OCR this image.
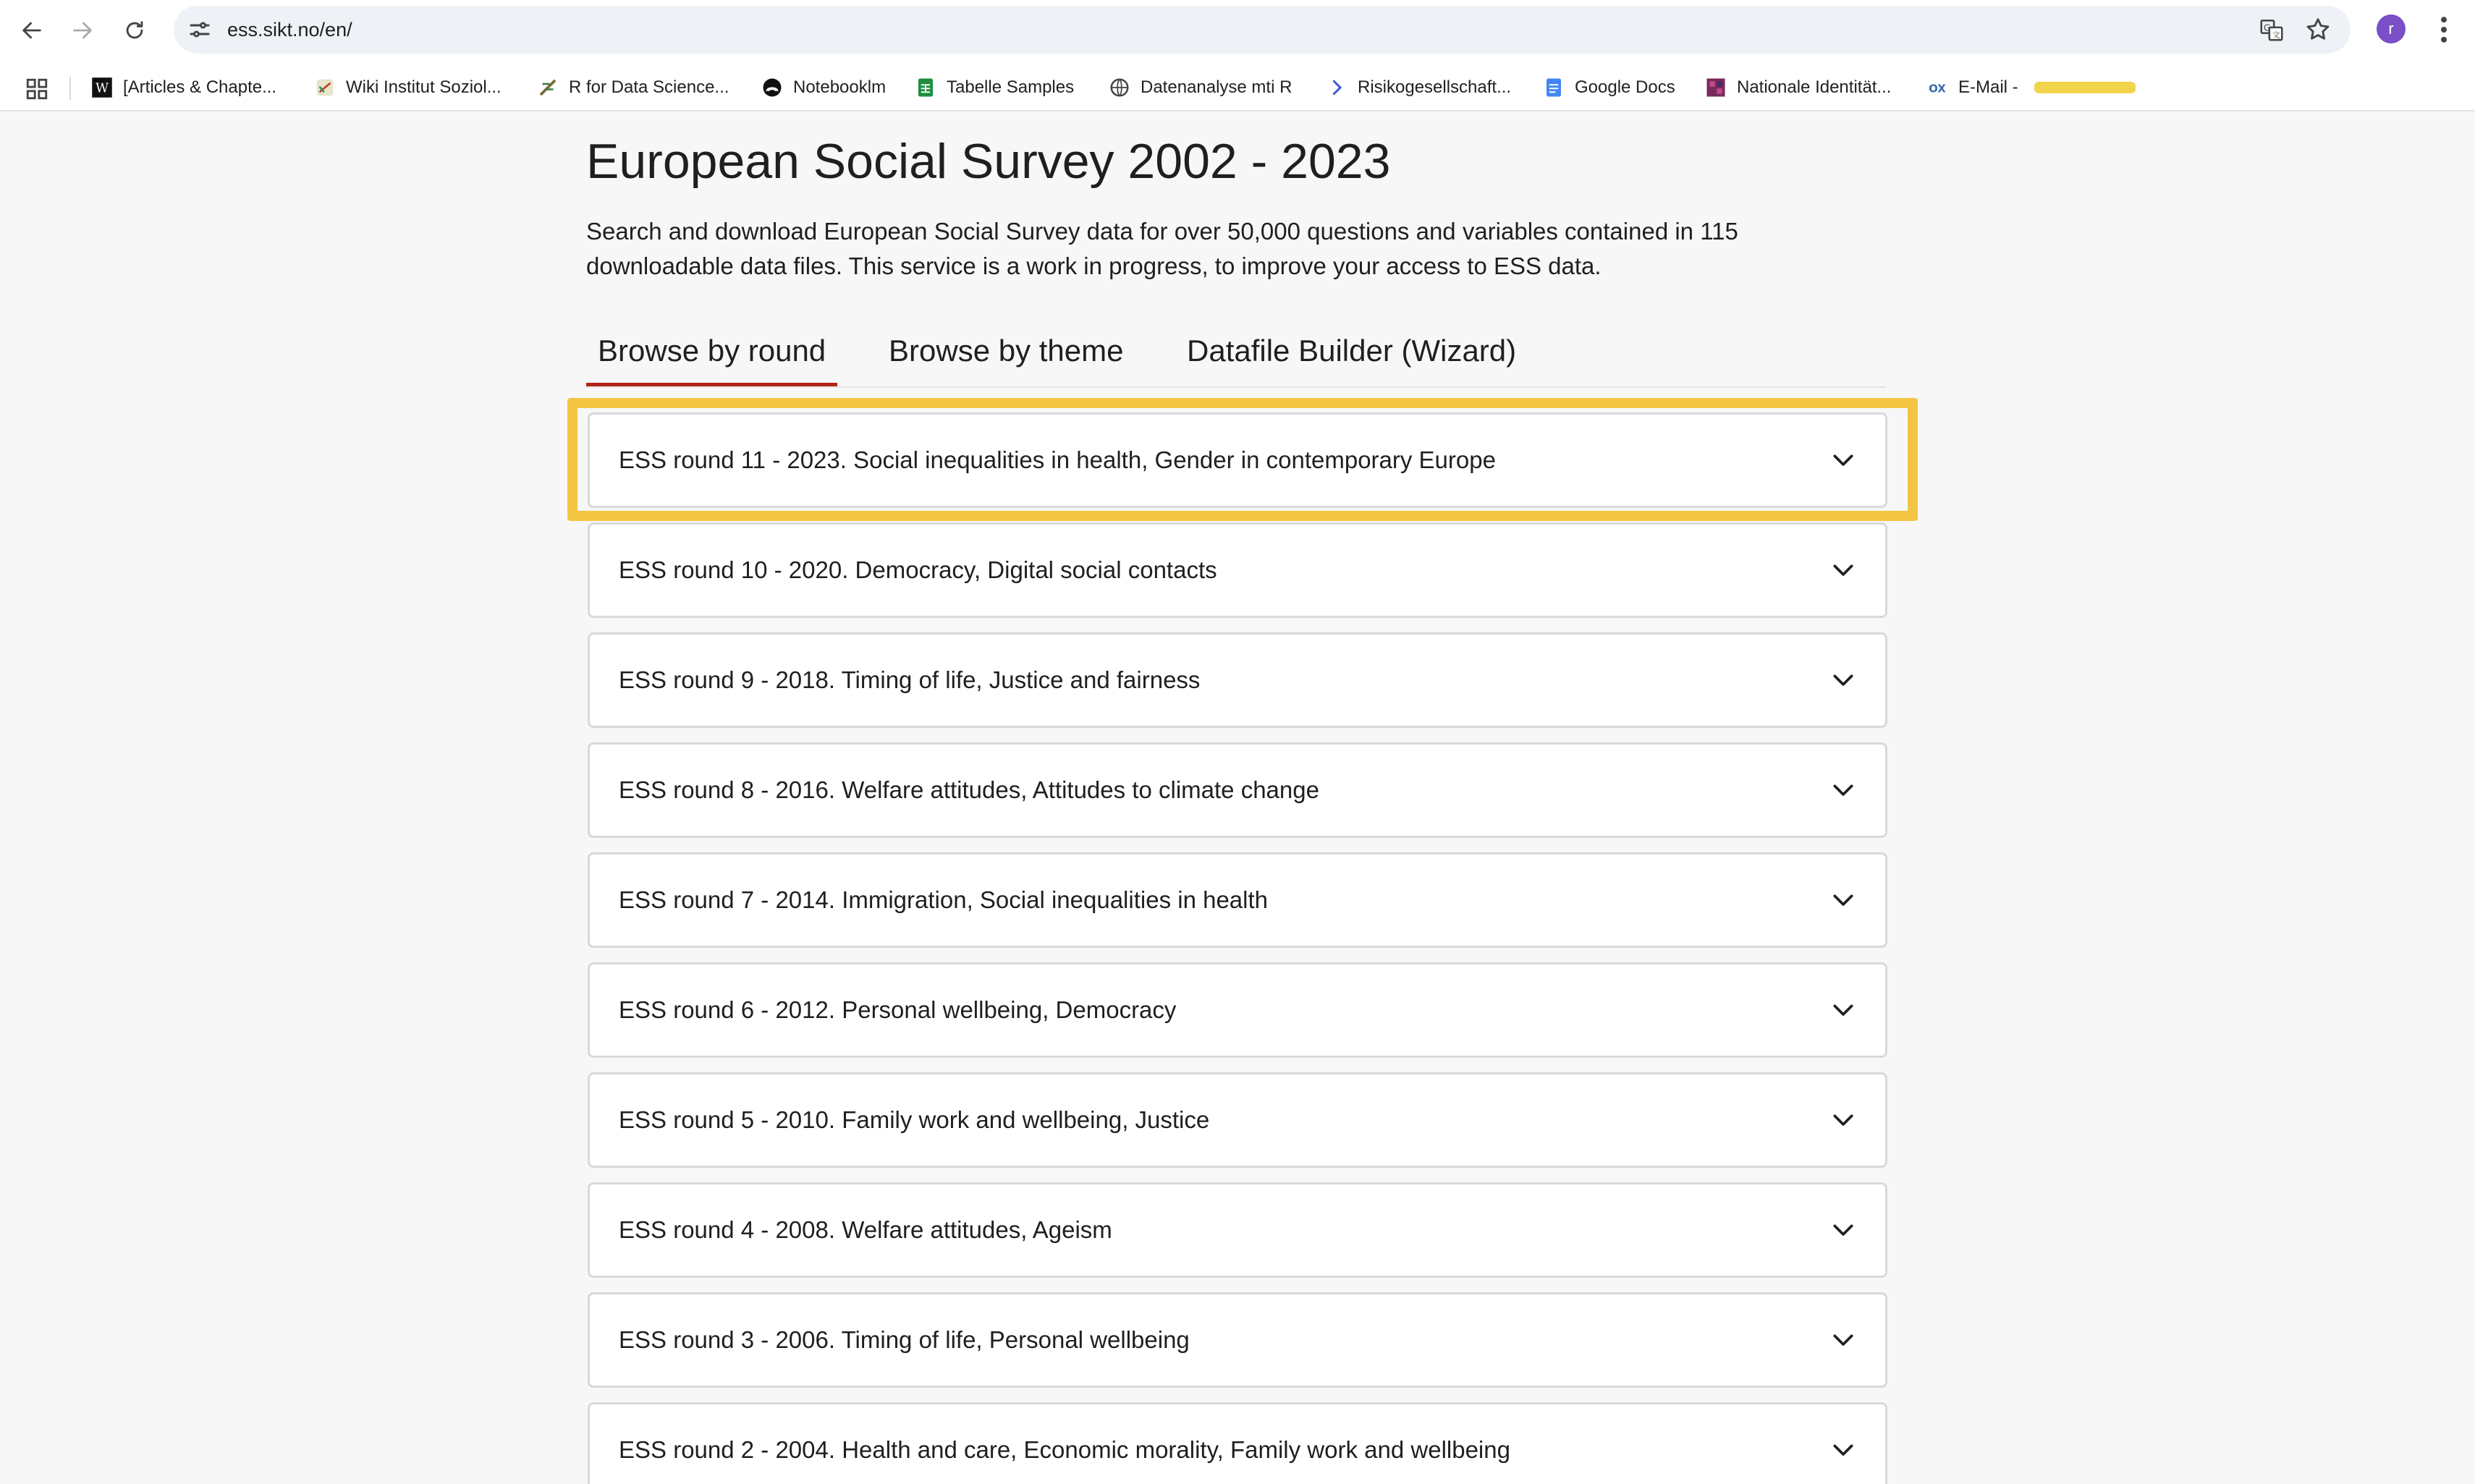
ess.sikt.no/en/	G
文	r
W [Articles & Chapte...	Wiki Institut Soziol...	R for Data Science...	Notebooklm	Tabelle Samples	Datenanalyse mti R	Risikogesellschaft...	Google Docs	Nationale Identität...	OX E-Mail -
European Social Survey 2002 - 2023

Search and download European Social Survey data for over 50,000 questions and variables contained in 115 downloadable data files. This service is a work in progress, to improve your access to ESS data.

Browse by round	Browse by theme	Datafile Builder (Wizard)
ESS round 11 - 2023. Social inequalities in health, Gender in contemporary Europe
ESS round 10 - 2020. Democracy, Digital social contacts
ESS round 9 - 2018. Timing of life, Justice and fairness
ESS round 8 - 2016. Welfare attitudes, Attitudes to climate change
ESS round 7 - 2014. Immigration, Social inequalities in health
ESS round 6 - 2012. Personal wellbeing, Democracy
ESS round 5 - 2010. Family work and wellbeing, Justice
ESS round 4 - 2008. Welfare attitudes, Ageism
ESS round 3 - 2006. Timing of life, Personal wellbeing
ESS round 2 - 2004. Health and care, Economic morality, Family work and wellbeing
